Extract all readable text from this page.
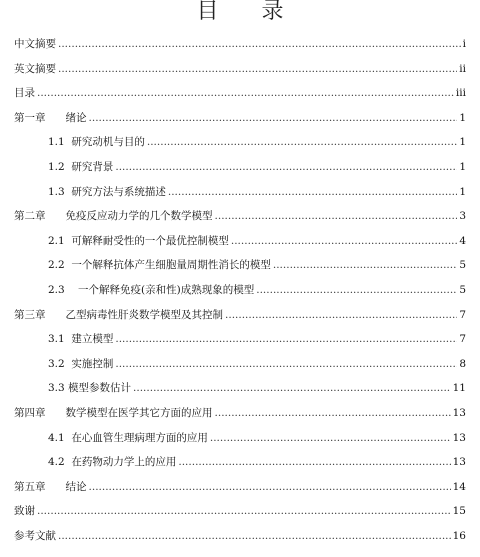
目 录
中文摘要 .....	i
英文摘要 .....	ii
目录 .....	iii
第一章      绪论 .....	1
1.1  研究动机与目的 .....	1
1.2  研究背景 .....	1
1.3  研究方法与系统描述 .....	1
第二章      免疫反应动力学的几个数学模型 .....	3
2.1  可解释耐受性的一个最优控制模型 .....	4
2.2  一个解释抗体产生细胞量周期性消长的模型 .....	5
2.3    一个解释免疫(亲和性)成熟现象的模型 .....	5
第三章      乙型病毒性肝炎数学模型及其控制 .....	7
3.1  建立模型 .....	7
3.2  实施控制 .....	8
3.3 模型参数估计 .....	11
第四章      数学模型在医学其它方面的应用 .....	13
4.1  在心血管生理病理方面的应用 .....	13
4.2  在药物动力学上的应用 .....	13
第五章      结论 .....	14
致谢 .....	15
参考文献 .....	16
